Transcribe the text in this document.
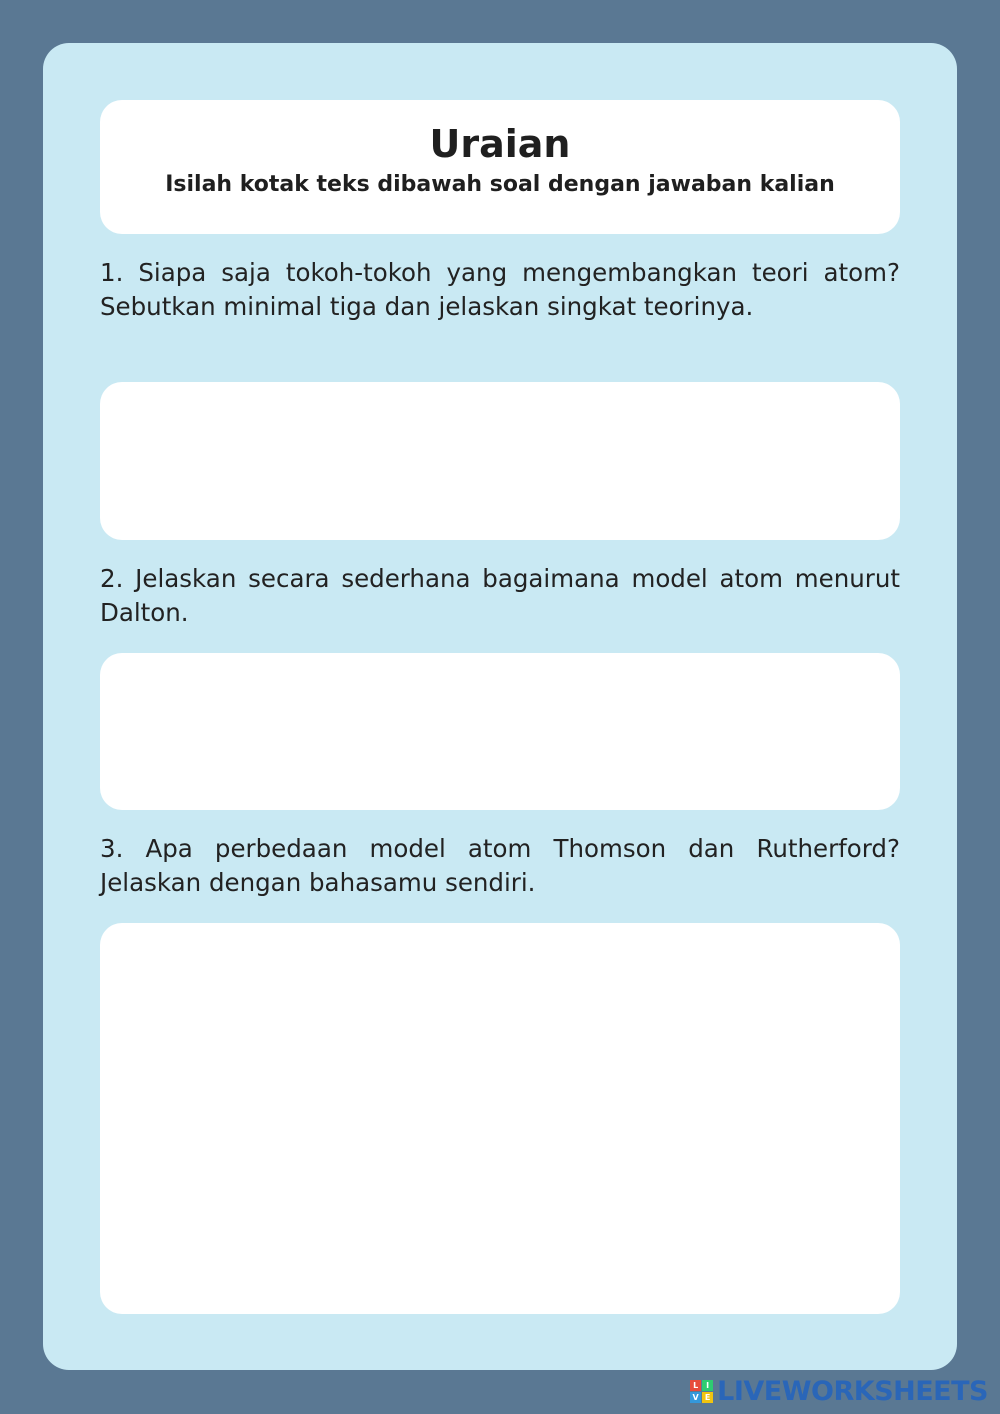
Uraian
Isilah kotak teks dibawah soal dengan jawaban kalian
1. Siapa saja tokoh-tokoh yang mengembangkan teori atom? Sebutkan minimal tiga dan jelaskan singkat teorinya.
2. Jelaskan secara sederhana bagaimana model atom menurut Dalton.
3. Apa perbedaan model atom Thomson dan Rutherford? Jelaskan dengan bahasamu sendiri.
L I
V E LIVEWORKSHEETS
